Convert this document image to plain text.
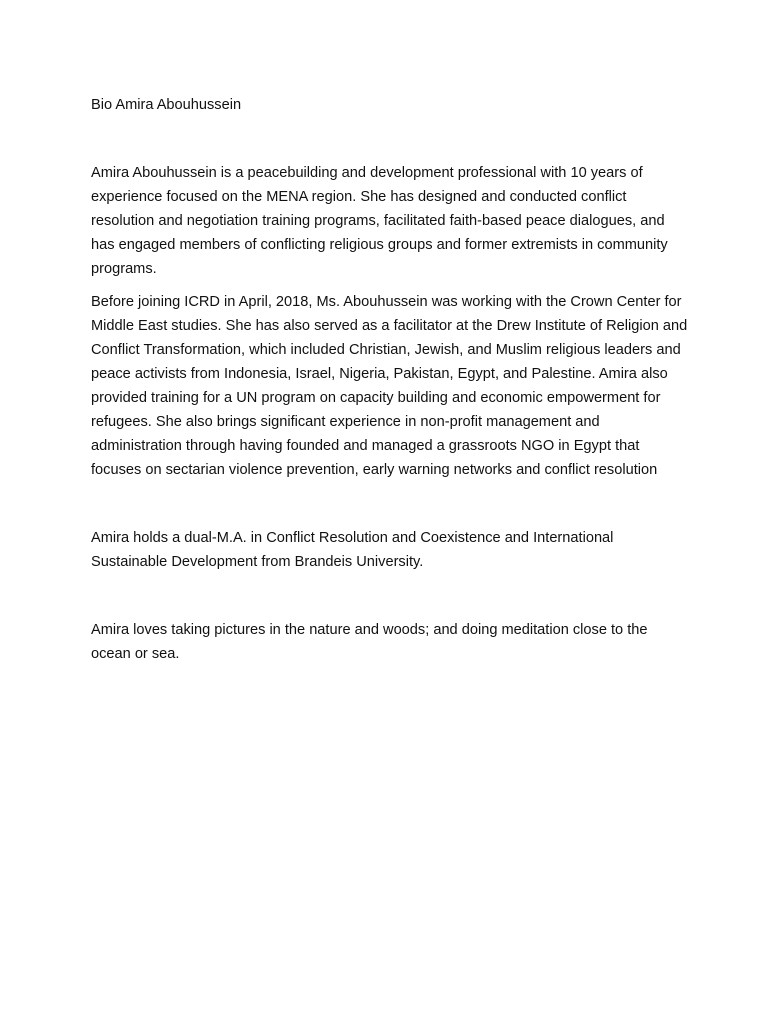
Bio Amira Abouhussein

Amira Abouhussein is a peacebuilding and development professional with 10 years of experience focused on the MENA region. She has designed and conducted conflict resolution and negotiation training programs, facilitated faith-based peace dialogues, and has engaged members of conflicting religious groups and former extremists in community programs.

Before joining ICRD in April, 2018, Ms. Abouhussein was working with the Crown Center for Middle East studies. She has also served as a facilitator at the Drew Institute of Religion and Conflict Transformation, which included Christian, Jewish, and Muslim religious leaders and peace activists from Indonesia, Israel, Nigeria, Pakistan, Egypt, and Palestine. Amira also provided training for a UN program on capacity building and economic empowerment for refugees. She also brings significant experience in non-profit management and administration through having founded and managed a grassroots NGO in Egypt that focuses on sectarian violence prevention, early warning networks and conflict resolution

Amira holds a dual-M.A. in Conflict Resolution and Coexistence and International Sustainable Development from Brandeis University.

Amira loves taking pictures in the nature and woods; and doing meditation close to the ocean or sea.
